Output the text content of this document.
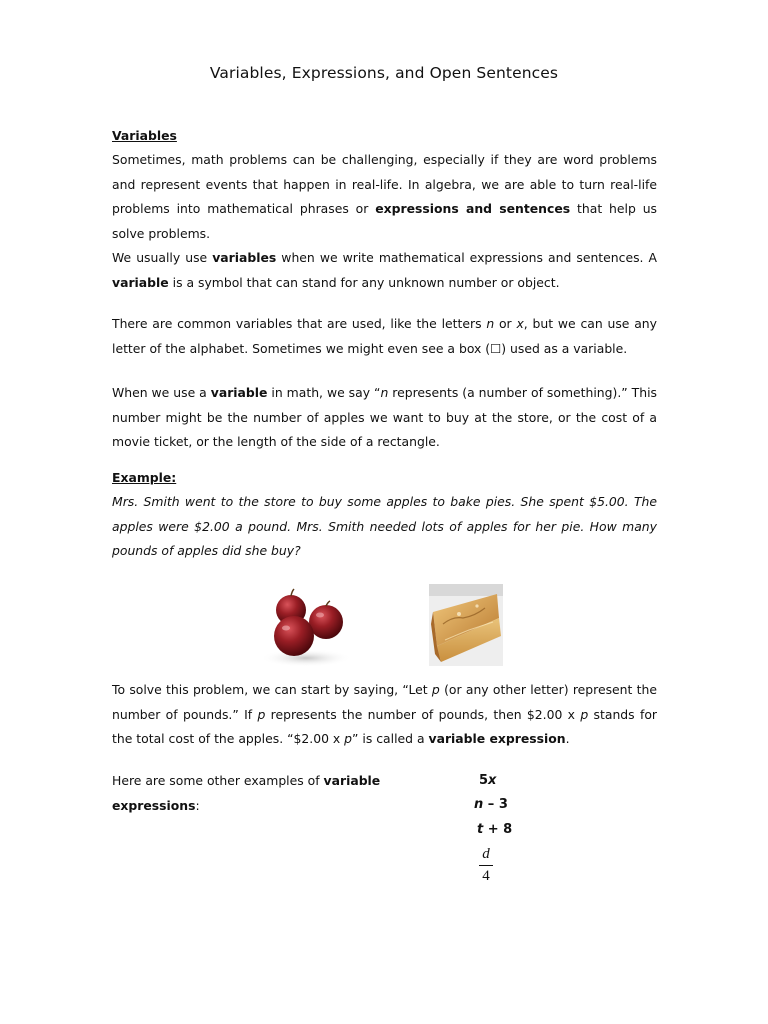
Variables, Expressions, and Open Sentences
Variables
Sometimes, math problems can be challenging, especially if they are word problems and represent events that happen in real-life. In algebra, we are able to turn real-life problems into mathematical phrases or expressions and sentences that help us solve problems.
We usually use variables when we write mathematical expressions and sentences. A variable is a symbol that can stand for any unknown number or object.
There are common variables that are used, like the letters n or x, but we can use any letter of the alphabet. Sometimes we might even see a box (☐) used as a variable.
When we use a variable in math, we say “n represents (a number of something).” This number might be the number of apples we want to buy at the store, or the cost of a movie ticket, or the length of the side of a rectangle.
Example:
Mrs. Smith went to the store to buy some apples to bake pies. She spent $5.00. The apples were $2.00 a pound. Mrs. Smith needed lots of apples for her pie. How many pounds of apples did she buy?
To solve this problem, we can start by saying, “Let p (or any other letter) represent the number of pounds.” If p represents the number of pounds, then $2.00 x p stands for the total cost of the apples. “$2.00 x p” is called a variable expression.
Here are some other examples of variable expressions:
5x
n – 3
t + 8
d
4
